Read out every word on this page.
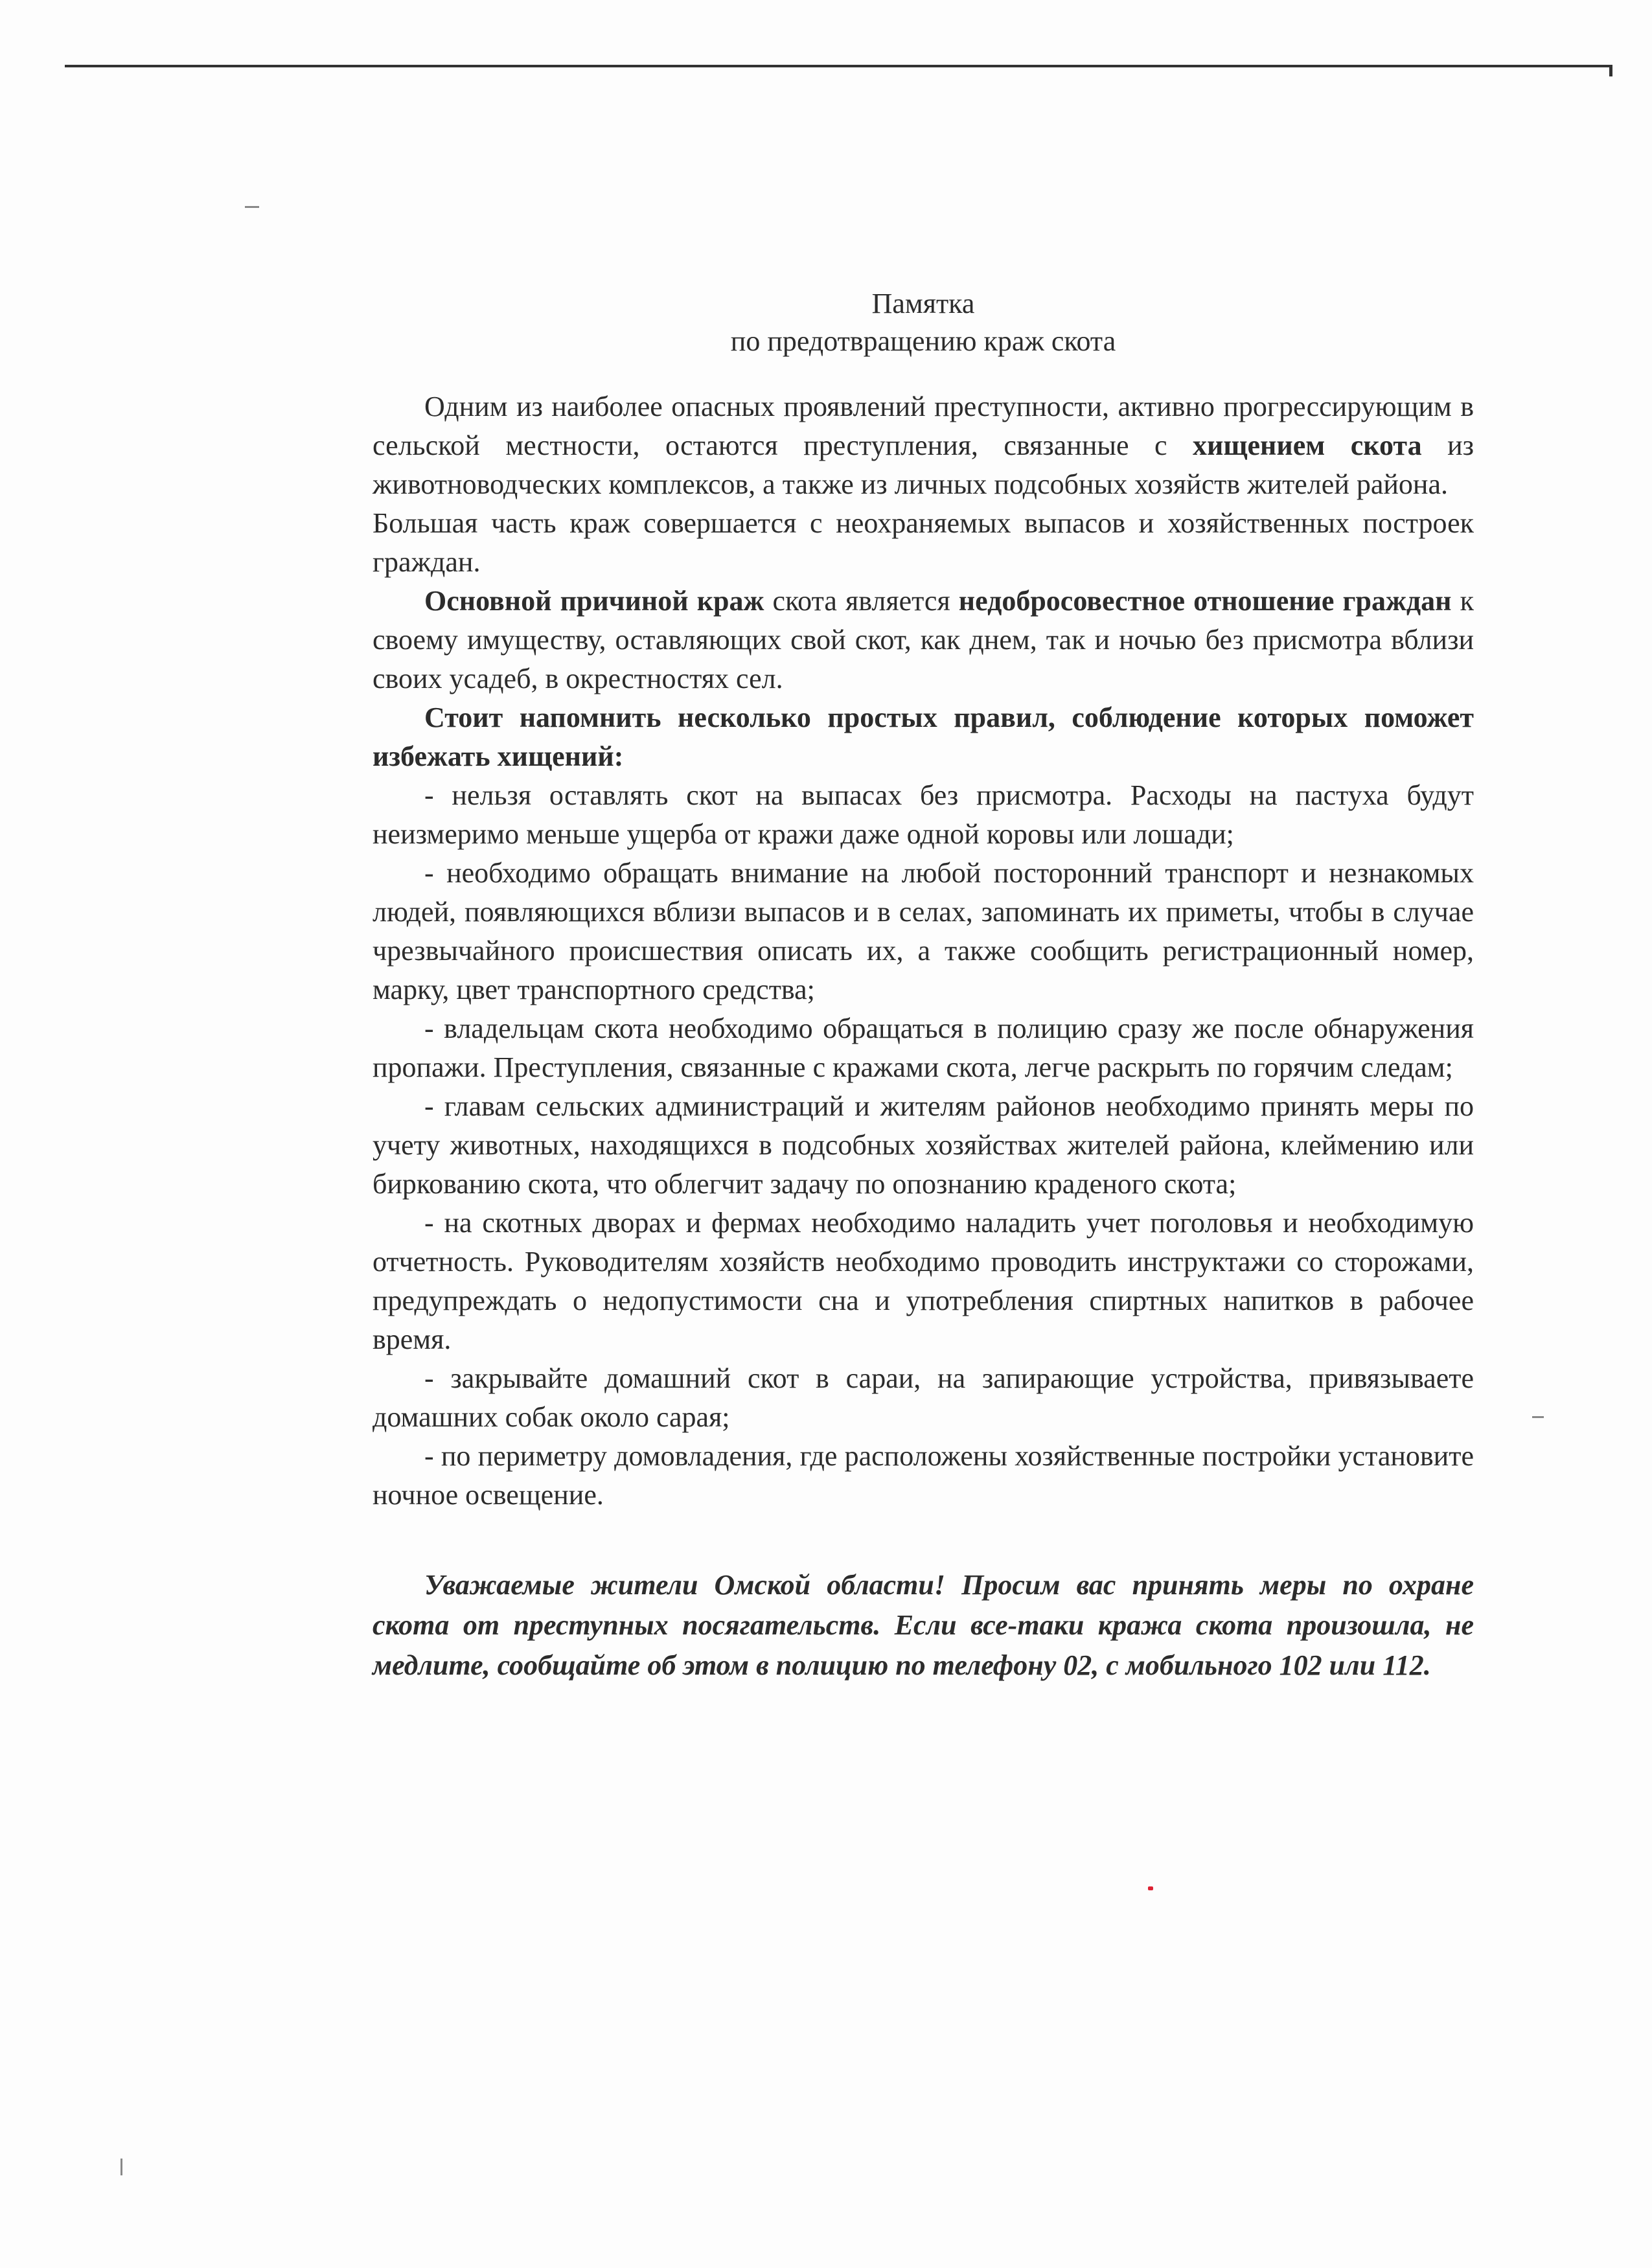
Памятка
по предотвращению краж скота

Одним из наиболее опасных проявлений преступности, активно прогрессирующим в сельской местности, остаются преступления, связанные с хищением скота из животноводческих комплексов, а также из личных подсобных хозяйств жителей района.

Большая часть краж совершается с неохраняемых выпасов и хозяйственных построек граждан.

Основной причиной краж скота является недобросовестное отношение граждан к своему имуществу, оставляющих свой скот, как днем, так и ночью без присмотра вблизи своих усадеб, в окрестностях сел.

Стоит напомнить несколько простых правил, соблюдение которых поможет избежать хищений:

- нельзя оставлять скот на выпасах без присмотра. Расходы на пастуха будут неизмеримо меньше ущерба от кражи даже одной коровы или лошади;

- необходимо обращать внимание на любой посторонний транспорт и незнакомых людей, появляющихся вблизи выпасов и в селах, запоминать их приметы, чтобы в случае чрезвычайного происшествия описать их, а также сообщить регистрационный номер, марку, цвет транспортного средства;

- владельцам скота необходимо обращаться в полицию сразу же после обнаружения пропажи. Преступления, связанные с кражами скота, легче раскрыть по горячим следам;

- главам сельских администраций и жителям районов необходимо принять меры по учету животных, находящихся в подсобных хозяйствах жителей района, клеймению или биркованию скота, что облегчит задачу по опознанию краденого скота;

- на скотных дворах и фермах необходимо наладить учет поголовья и необходимую отчетность. Руководителям хозяйств необходимо проводить инструктажи со сторожами, предупреждать о недопустимости сна и употребления спиртных напитков в рабочее время.

- закрывайте домашний скот в сараи, на запирающие устройства, привязываете домашних собак около сарая;

- по периметру домовладения, где расположены хозяйственные постройки установите ночное освещение.

Уважаемые жители Омской области! Просим вас принять меры по охране скота от преступных посягательств. Если все-таки кража скота произошла, не медлите, сообщайте об этом в полицию по телефону 02, с мобильного 102 или 112.
